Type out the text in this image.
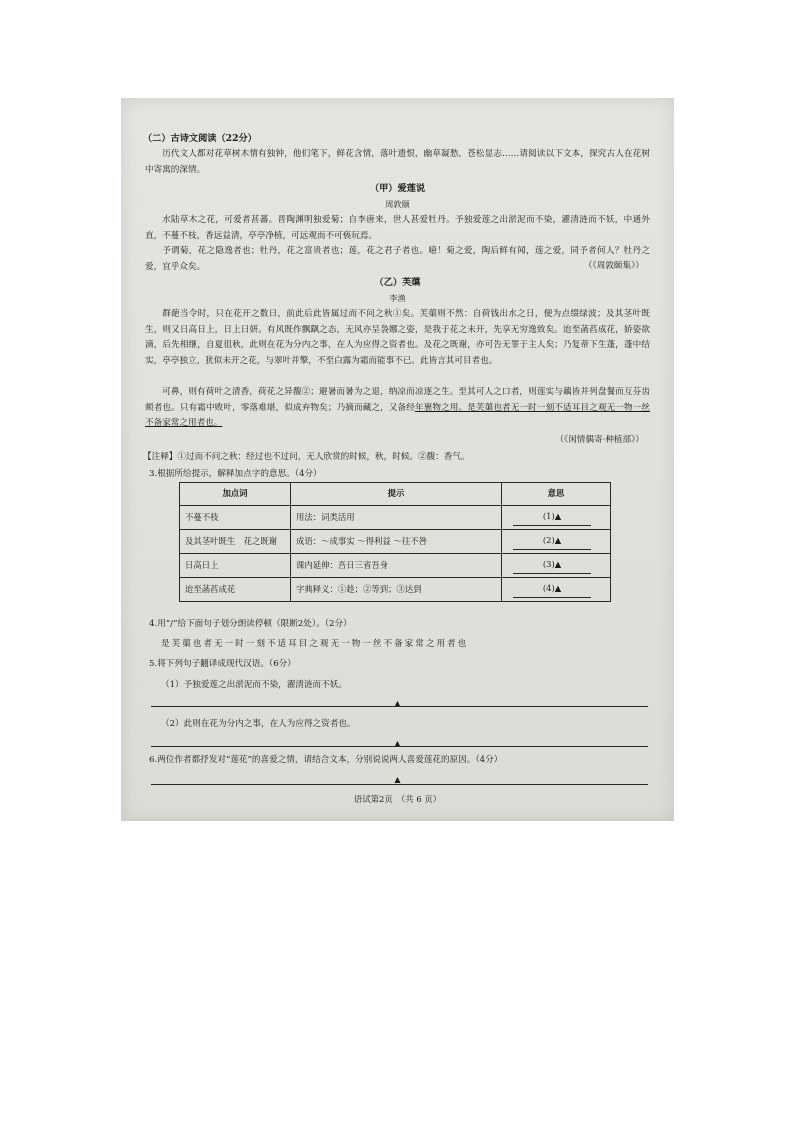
（二）古诗文阅读（22分）
历代文人都对花草树木情有独钟，他们笔下，鲜花含情，落叶遗恨，幽草凝愁，苍松显志……请阅读以下文本，探究古人在花树中寄寓的深情。
（甲）爱莲说
周敦颐
水陆草木之花，可爱者甚蕃。晋陶渊明独爱菊；自李唐来，世人甚爱牡丹。予独爱莲之出淤泥而不染，濯清涟而不妖，中通外直，不蔓不枝，香远益清，亭亭净植，可远观而不可亵玩焉。
予谓菊，花之隐逸者也；牡丹，花之富贵者也；莲，花之君子者也。噫！菊之爱，陶后鲜有闻，莲之爱，同予者何人？牡丹之爱，宜乎众矣。	（《周敦颐集》）
（乙）芙蕖
李渔
群葩当令时，只在花开之数日，前此后此皆属过而不问之秋①矣。芙蕖则不然：自荷钱出水之日，便为点缀绿波；及其茎叶既生，则又日高日上，日上日妍。有风既作飘飖之态，无风亦呈袅娜之姿，是我于花之未开，先享无穷逸致矣。迨至菡萏成花，娇姿欲滴，后先相继，自夏徂秋，此则在花为分内之事，在人为应得之资者也。及花之既谢，亦可告无罪于主人矣；乃复蒂下生蓬，蓬中结实，亭亭独立，犹似未开之花，与翠叶并擎，不至白露为霜而能事不已。此皆言其可目者也。
可鼻，则有荷叶之清香，荷花之异馥②；避暑而暑为之退，纳凉而凉逐之生。至其可人之口者，则莲实与藕皆并列盘餐而互芬齿颊者也。只有霜中败叶，零落难堪，似成弃物矣；乃摘而藏之，又备经年裹物之用。是芙蕖也者无一时一刻不适耳目之观无一物一丝不备家常之用者也。
（《闲情偶寄·种植部》）
【注释】①过而不问之秋：经过也不过问，无人欣赏的时候，秋，时候。②馥：香气。
3.根据所给提示，解释加点字的意思。（4分）
加点词	提示	意思
不蔓不枝	用法：词类活用	(1)▲
及其茎叶既生　花之既谢	成语：～成事实 ～得利益 ～往不咎	(2)▲
日高日上	课内延伸：吾日三省吾身	(3)▲
迨至菡萏成花	字典释义：①趁；②等到；③达到	(4)▲
4.用“/”给下面句子划分朗读停顿（限断2处）。（2分）
是芙蕖也者无一时一刻不适耳目之观无一物一丝不备家常之用者也
5.将下列句子翻译成现代汉语。（6分）
（1）予独爱莲之出淤泥而不染，濯清涟而不妖。
▲
（2）此则在花为分内之事，在人为应得之资者也。
▲
6.两位作者都抒发对“莲花”的喜爱之情，请结合文本，分别说说两人喜爱莲花的原因。（4分）
▲
语试第2页　（共 6 页）
